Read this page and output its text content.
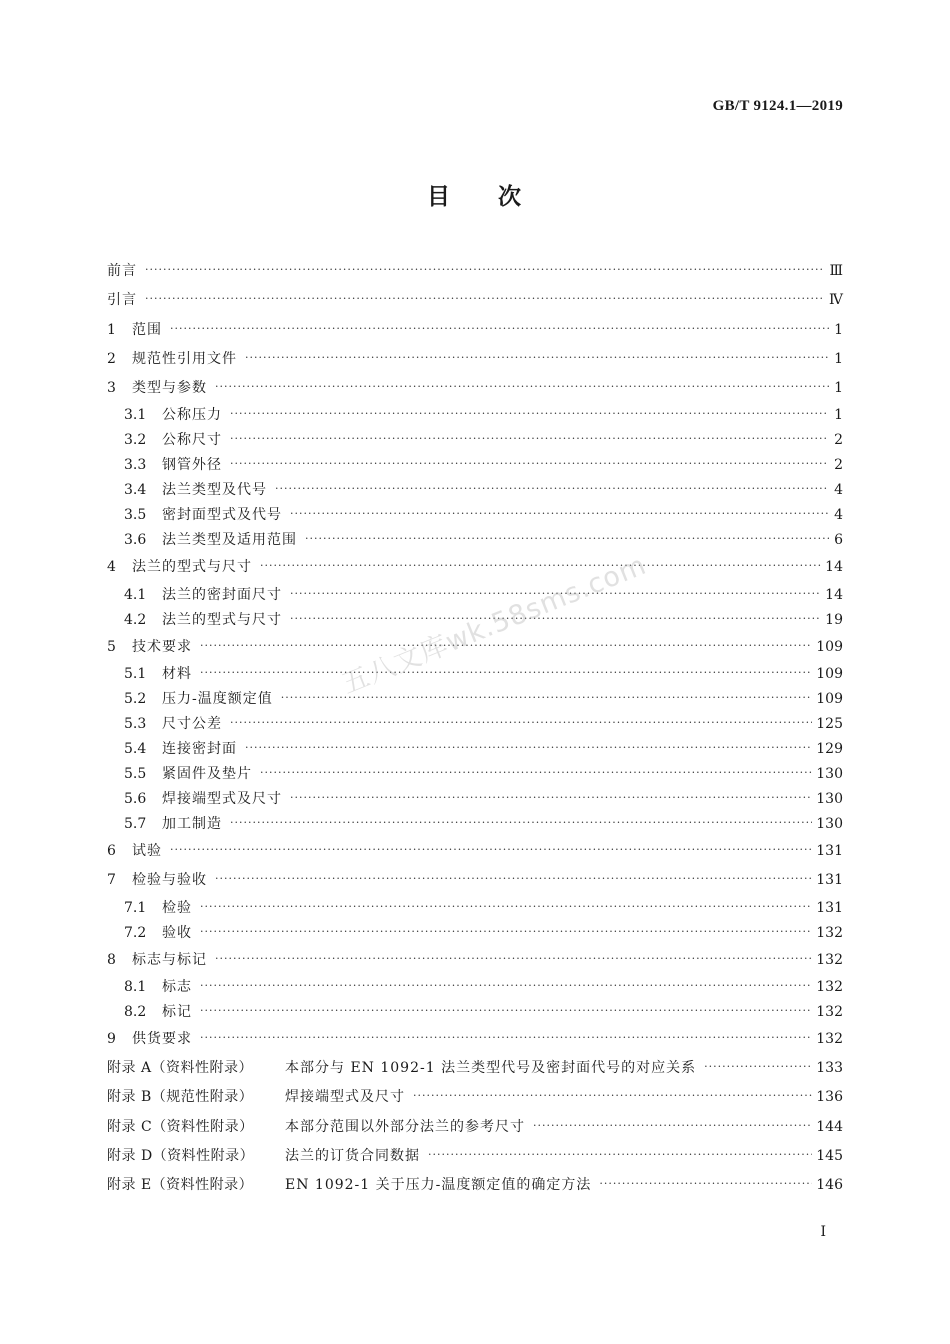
GB/T 9124.1—2019
目 次
前言 ·····	Ⅲ
引言 ·····	Ⅳ
1	范围 ·····	1
2	规范性引用文件 ·····	1
3	类型与参数 ·····	1
3.1	公称压力 ·····	1
3.2	公称尺寸 ·····	2
3.3	钢管外径 ·····	2
3.4	法兰类型及代号 ·····	4
3.5	密封面型式及代号 ·····	4
3.6	法兰类型及适用范围 ·····	6
4	法兰的型式与尺寸 ·····	14
4.1	法兰的密封面尺寸 ·····	14
4.2	法兰的型式与尺寸 ·····	19
5	技术要求 ·····	109
5.1	材料 ·····	109
5.2	压力-温度额定值 ·····	109
5.3	尺寸公差 ·····	125
5.4	连接密封面 ·····	129
5.5	紧固件及垫片 ·····	130
5.6	焊接端型式及尺寸 ·····	130
5.7	加工制造 ·····	130
6	试验 ·····	131
7	检验与验收 ·····	131
7.1	检验 ·····	131
7.2	验收 ·····	132
8	标志与标记 ·····	132
8.1	标志 ·····	132
8.2	标记 ·····	132
9	供货要求 ·····	132
附录 A（资料性附录）	本部分与 EN 1092-1 法兰类型代号及密封面代号的对应关系 ·····	133
附录 B（规范性附录）	焊接端型式及尺寸 ·····	136
附录 C（资料性附录）	本部分范围以外部分法兰的参考尺寸 ·····	144
附录 D（资料性附录）	法兰的订货合同数据 ·····	145
附录 E（资料性附录）	EN 1092-1 关于压力-温度额定值的确定方法 ·····	146
五八文库wk.58sms.com
I
